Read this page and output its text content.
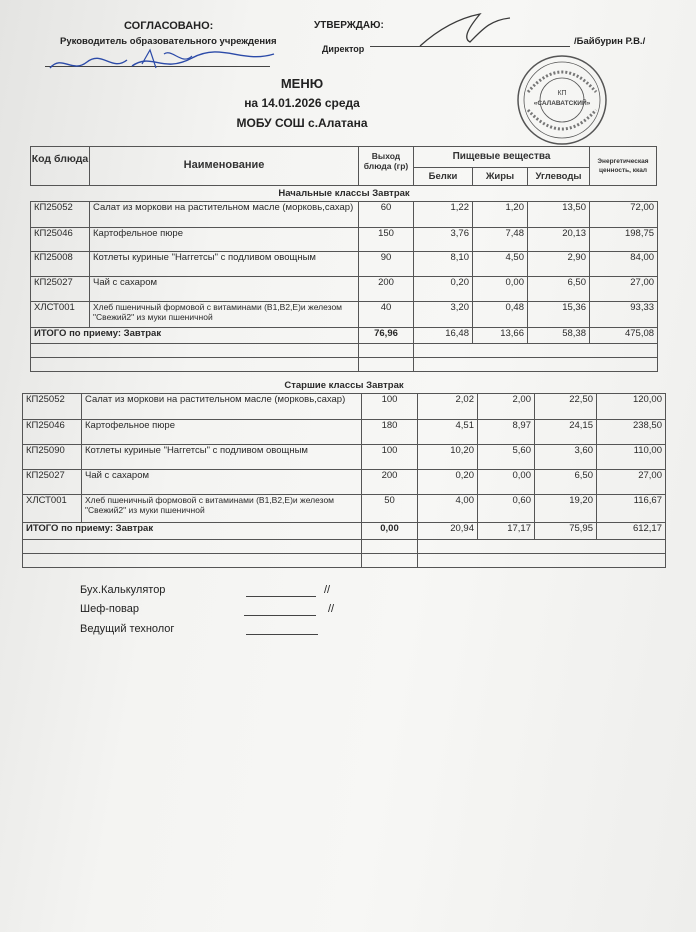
СОГЛАСОВАНО:
Руководитель образовательного учреждения
УТВЕРЖДАЮ:
Директор
/Байбурин Р.В./
МЕНЮ
на 14.01.2026 среда
МОБУ СОШ с.Алатана
КП
«САЛАВАТСКИЙ»
Код блюда	Наименование
Выход блюда (гр)
Пищевые вещества
Белки	Жиры	Углеводы
Энергетическая ценность, ккал
Начальные классы Завтрак						
КП25052	Салат из моркови на растительном масле (морковь,сахар)	60	1,22	1,20	13,50	72,00
КП25046	Картофельное пюре	150	3,76	7,48	20,13	198,75
КП25008	Котлеты куриные "Наггетсы" с подливом овощным	90	8,10	4,50	2,90	84,00
КП25027	Чай с сахаром	200	0,20	0,00	6,50	27,00
ХЛСТ001	Хлеб пшеничный формовой с витаминами (В1,В2,Е)и железом "Свежий2" из муки пшеничной	40	3,20	0,48	15,36	93,33
ИТОГО по приему: Завтрак		76,96	16,48	13,66	58,38	475,08

Старшие классы Завтрак						
КП25052	Салат из моркови на растительном масле (морковь,сахар)	100	2,02	2,00	22,50	120,00
КП25046	Картофельное пюре	180	4,51	8,97	24,15	238,50
КП25090	Котлеты куриные "Наггетсы" с подливом овощным	100	10,20	5,60	3,60	110,00
КП25027	Чай с сахаром	200	0,20	0,00	6,50	27,00
ХЛСТ001	Хлеб пшеничный формовой с витаминами (В1,В2,Е)и железом "Свежий2" из муки пшеничной	50	4,00	0,60	19,20	116,67
ИТОГО по приему: Завтрак		0,00	20,94	17,17	75,95	612,17

Бух.Калькулятор	//
Шеф-повар	//
Ведущий технолог
